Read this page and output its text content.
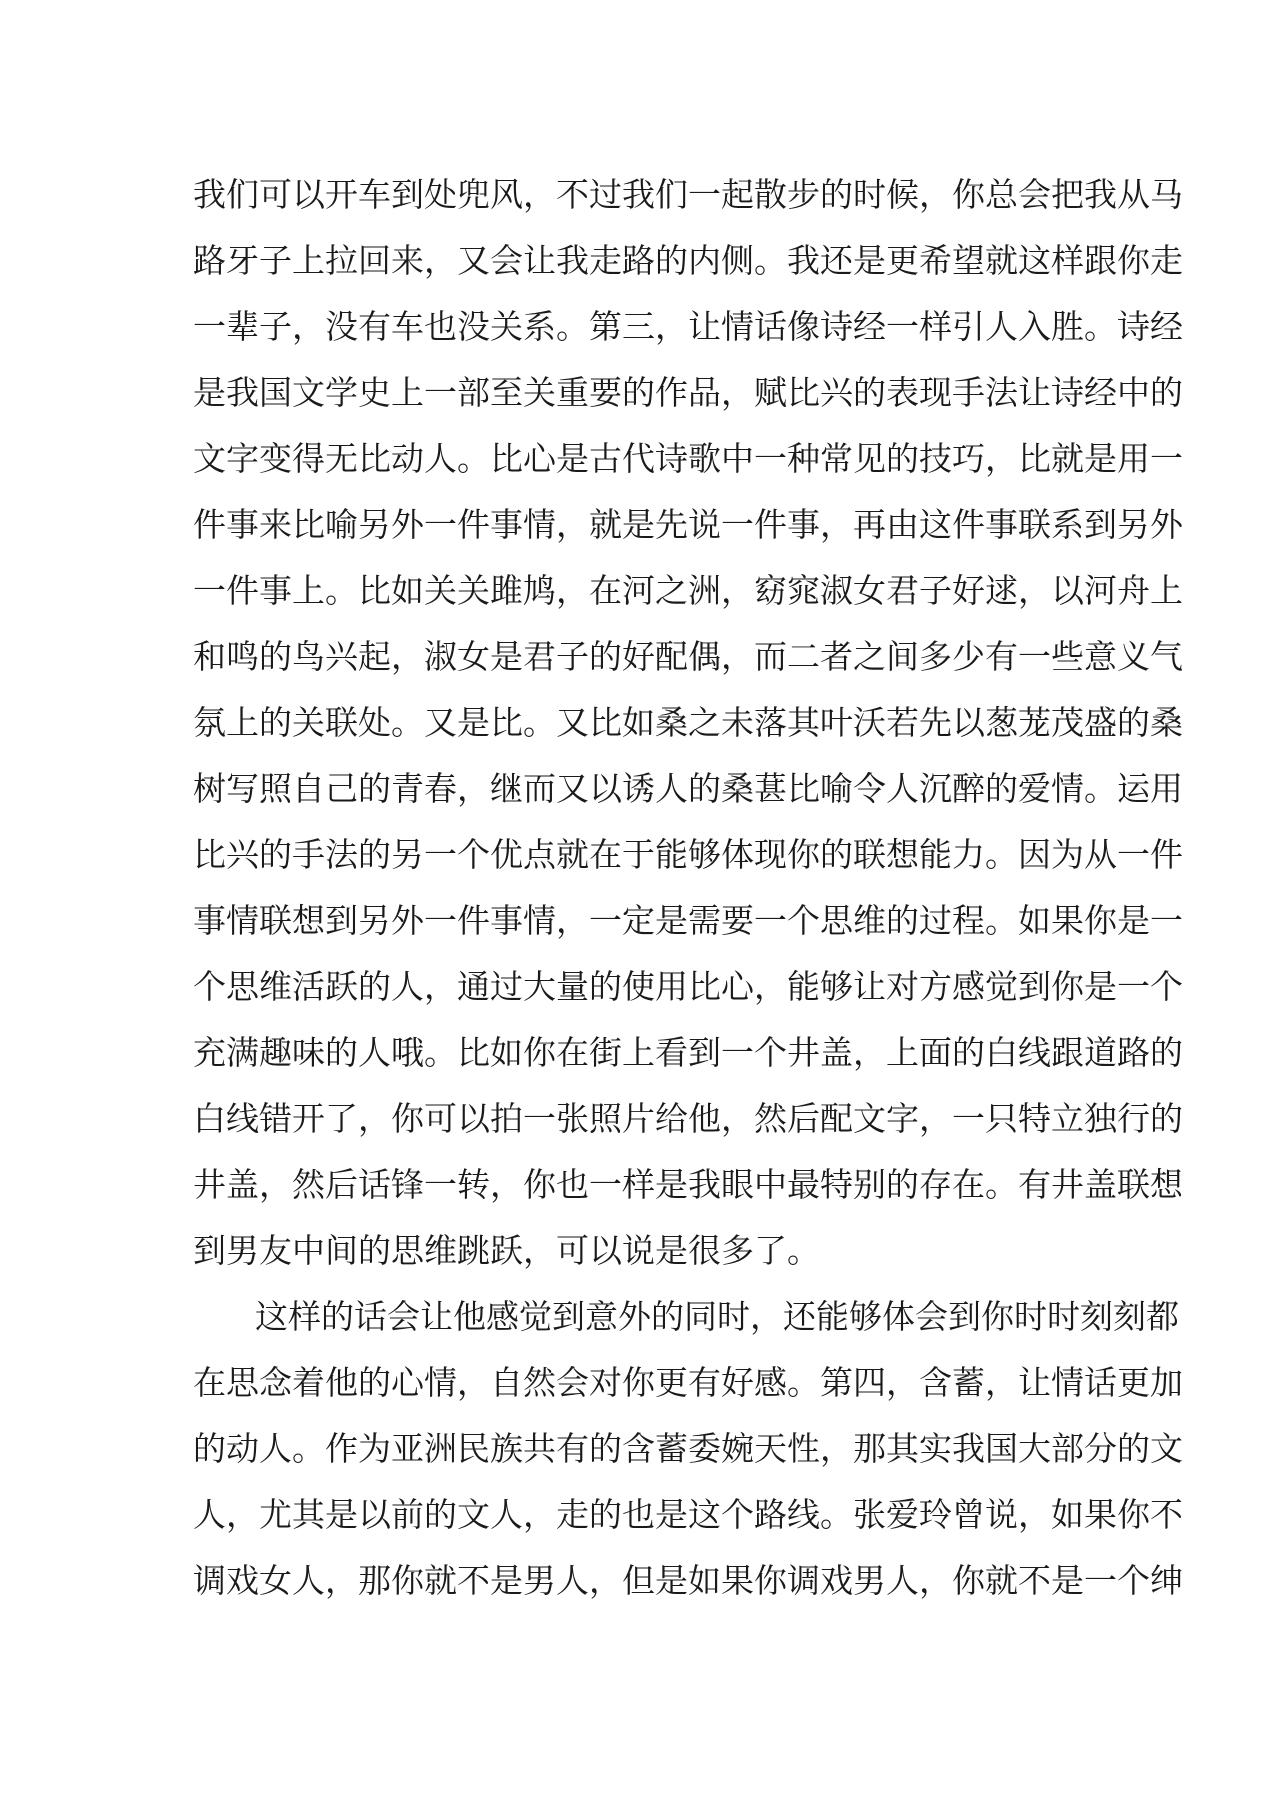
我们可以开车到处兜风，不过我们一起散步的时候，你总会把我从马
路牙子上拉回来，又会让我走路的内侧。我还是更希望就这样跟你走
一辈子，没有车也没关系。第三，让情话像诗经一样引人入胜。诗经
是我国文学史上一部至关重要的作品，赋比兴的表现手法让诗经中的
文字变得无比动人。比心是古代诗歌中一种常见的技巧，比就是用一
件事来比喻另外一件事情，就是先说一件事，再由这件事联系到另外
一件事上。比如关关雎鸠，在河之洲，窈窕淑女君子好逑，以河舟上
和鸣的鸟兴起，淑女是君子的好配偶，而二者之间多少有一些意义气
氛上的关联处。又是比。又比如桑之未落其叶沃若先以葱茏茂盛的桑
树写照自己的青春，继而又以诱人的桑葚比喻令人沉醉的爱情。运用
比兴的手法的另一个优点就在于能够体现你的联想能力。因为从一件
事情联想到另外一件事情，一定是需要一个思维的过程。如果你是一
个思维活跃的人，通过大量的使用比心，能够让对方感觉到你是一个
充满趣味的人哦。比如你在街上看到一个井盖，上面的白线跟道路的
白线错开了，你可以拍一张照片给他，然后配文字，一只特立独行的
井盖，然后话锋一转，你也一样是我眼中最特别的存在。有井盖联想
到男友中间的思维跳跃，可以说是很多了。
这样的话会让他感觉到意外的同时，还能够体会到你时时刻刻都
在思念着他的心情，自然会对你更有好感。第四，含蓄，让情话更加
的动人。作为亚洲民族共有的含蓄委婉天性，那其实我国大部分的文
人，尤其是以前的文人，走的也是这个路线。张爱玲曾说，如果你不
调戏女人，那你就不是男人，但是如果你调戏男人，你就不是一个绅
